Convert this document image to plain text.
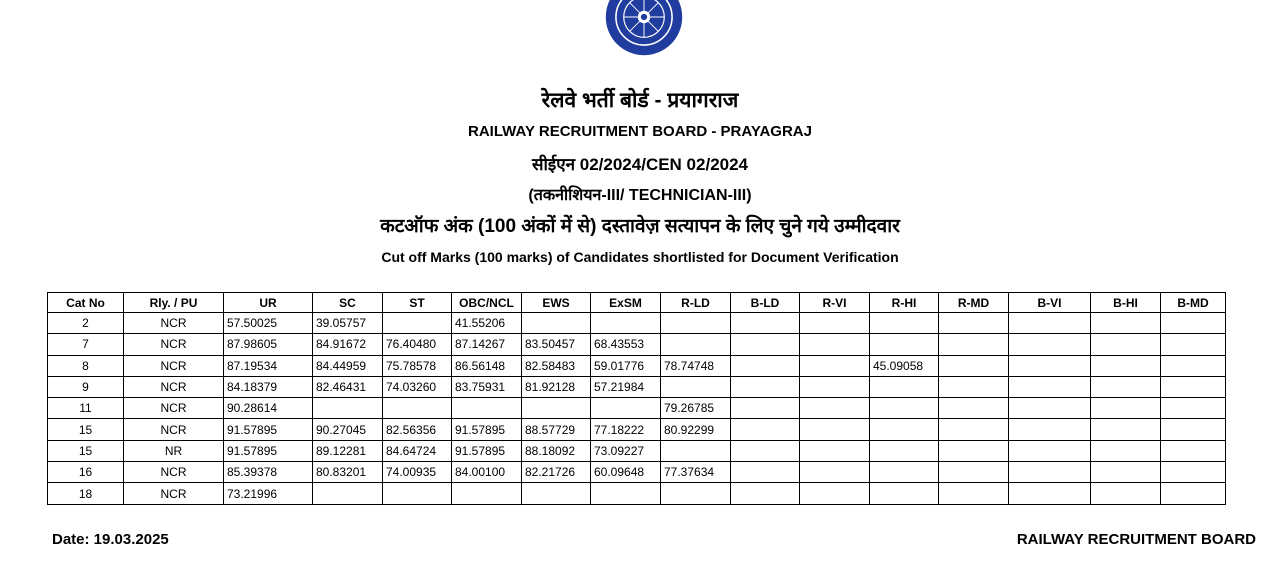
रेलवे भर्ती बोर्ड - प्रयागराज
RAILWAY RECRUITMENT BOARD - PRAYAGRAJ
सीईएन 02/2024/CEN 02/2024
(तकनीशियन-III/ TECHNICIAN-III)
कटऑफ अंक (100 अंकों में से) दस्तावेज़ सत्यापन के लिए चुने गये उम्मीदवार
Cut off Marks (100 marks) of Candidates shortlisted for Document Verification
Cat No	Rly. / PU	UR	SC	ST	OBC/NCL	EWS	ExSM	R-LD	B-LD	R-VI	R-HI	R-MD	B-VI	B-HI	B-MD
2	NCR	57.50025	39.05757		41.55206										
7	NCR	87.98605	84.91672	76.40480	87.14267	83.50457	68.43553								
8	NCR	87.19534	84.44959	75.78578	86.56148	82.58483	59.01776	78.74748			45.09058				
9	NCR	84.18379	82.46431	74.03260	83.75931	81.92128	57.21984								
11	NCR	90.28614						79.26785							
15	NCR	91.57895	90.27045	82.56356	91.57895	88.57729	77.18222	80.92299							
15	NR	91.57895	89.12281	84.64724	91.57895	88.18092	73.09227								
16	NCR	85.39378	80.83201	74.00935	84.00100	82.21726	60.09648	77.37634							
18	NCR	73.21996													
Date: 19.03.2025	RAILWAY RECRUITMENT BOARD
